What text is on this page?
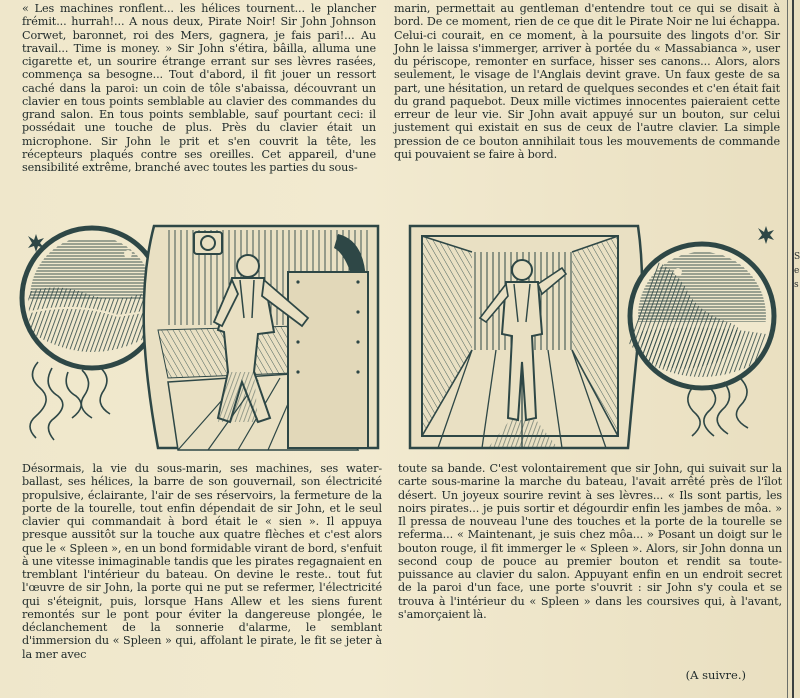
« Les machines ronflent... les hélices tournent... le plancher frémit... hurrah!... A nous deux, Pirate Noir! Sir John Johnson Corwet, baronnet, roi des Mers, gagnera, je fais pari!... Au travail... Time is money. » Sir John s'étira, bâilla, alluma une cigarette et, un sourire étrange errant sur ses lèvres rasées, commença sa besogne... Tout d'abord, il fit jouer un ressort caché dans la paroi: un coin de tôle s'abaissa, découvrant un clavier en tous points semblable au clavier des commandes du grand salon. En tous points semblable, sauf pourtant ceci: il possédait une touche de plus. Près du clavier était un microphone. Sir John le prit et s'en couvrit la tête, les récepteurs plaqués contre ses oreilles. Cet appareil, d'une sensibilité extrême, branché avec toutes les parties du sous-

marin, permettait au gentleman d'entendre tout ce qui se disait à bord. De ce moment, rien de ce que dit le Pirate Noir ne lui échappa. Celui-ci courait, en ce moment, à la poursuite des lingots d'or. Sir John le laissa s'immerger, arriver à portée du « Massabianca », user du périscope, remonter en surface, hisser ses canons... Alors, alors seulement, le visage de l'Anglais devint grave. Un faux geste de sa part, une hésitation, un retard de quelques secondes et c'en était fait du grand paquebot. Deux mille victimes innocentes paieraient cette erreur de leur vie. Sir John avait appuyé sur un bouton, sur celui justement qui existait en sus de ceux de l'autre clavier. La simple pression de ce bouton annihilait tous les mouvements de commande qui pouvaient se faire à bord.

Désormais, la vie du sous-marin, ses machines, ses water-ballast, ses hélices, la barre de son gouvernail, son électricité propulsive, éclairante, l'air de ses réservoirs, la fermeture de la porte de la tourelle, tout enfin dépendait de sir John, et le seul clavier qui commandait à bord était le « sien ». Il appuya presque aussitôt sur la touche aux quatre flèches et c'est alors que le « Spleen », en un bond formidable virant de bord, s'enfuit à une vitesse inimaginable tandis que les pirates regagnaient en tremblant l'intérieur du bateau. On devine le reste.. tout fut l'œuvre de sir John, la porte qui ne put se refermer, l'électricité qui s'éteignit, puis, lorsque Hans Allew et les siens furent remontés sur le pont pour éviter la dangereuse plongée, le déclanchement de la sonnerie d'alarme, le semblant d'immersion du « Spleen » qui, affolant le pirate, le fit se jeter à la mer avec

toute sa bande. C'est volontairement que sir John, qui suivait sur la carte sous-marine la marche du bateau, l'avait arrêté près de l'îlot désert. Un joyeux sourire revint à ses lèvres... « Ils sont partis, les noirs pirates... je puis sortir et dégourdir enfin les jambes de môa. » Il pressa de nouveau l'une des touches et la porte de la tourelle se referma... « Maintenant, je suis chez môa... » Posant un doigt sur le bouton rouge, il fit immerger le « Spleen ». Alors, sir John donna un second coup de pouce au premier bouton et rendit sa toute-puissance au clavier du salon. Appuyant enfin en un endroit secret de la paroi d'un face, une porte s'ouvrit : sir John s'y coula et se trouva à l'intérieur du « Spleen » dans les coursives qui, à l'avant, s'amorçaient là.

(A suivre.)
S
e
s
